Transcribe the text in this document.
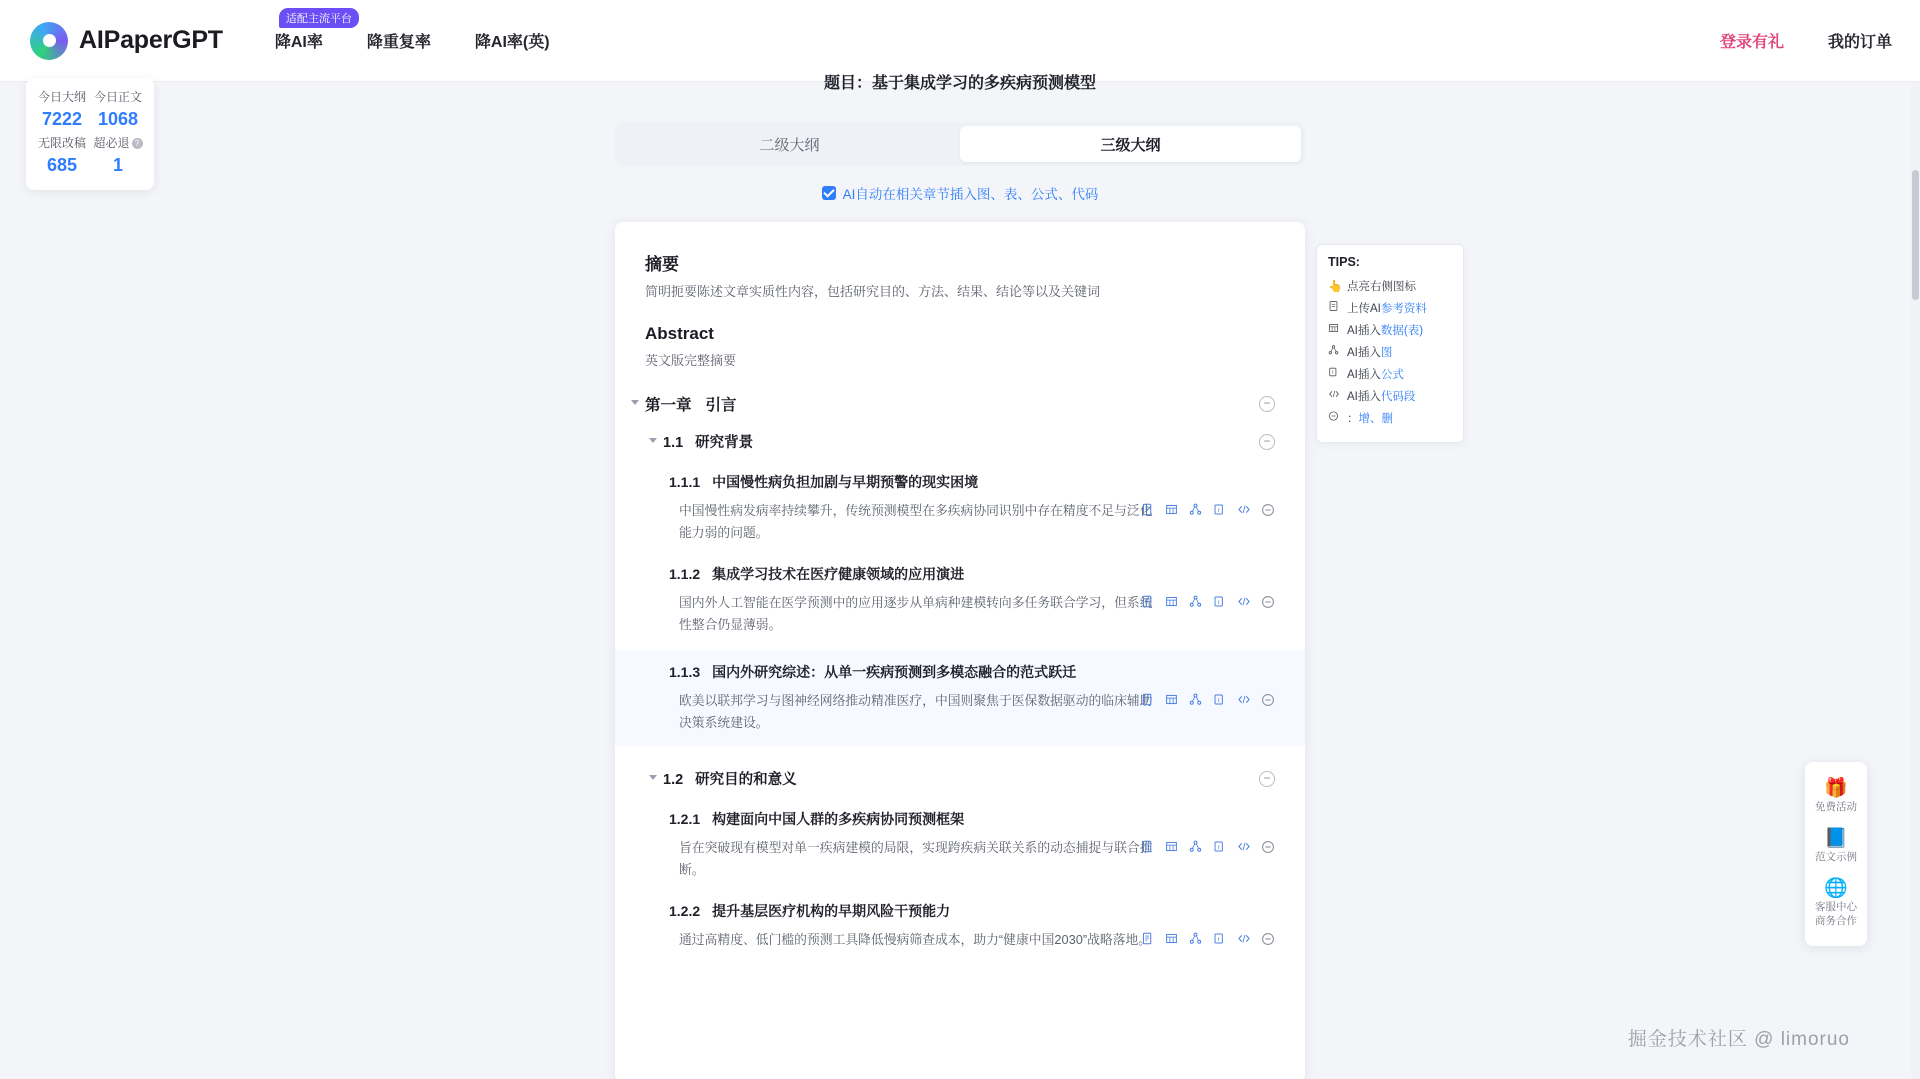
AIPaperGPT
适配主流平台
降AI率	降重复率	降AI率(英)	登录有礼	我的订单
今日大纲
7222
今日正文
1068
无限改稿
685
超必退 ?
1
题目：基于集成学习的多疾病预测模型
二级大纲	三级大纲
AI自动在相关章节插入图、表、公式、代码
摘要
简明扼要陈述文章实质性内容，包括研究目的、方法、结果、结论等以及关键词
Abstract
英文版完整摘要
第一章 引言	−
1.1 研究背景	−
1.1.1 中国慢性病负担加剧与早期预警的现实困境
中国慢性病发病率持续攀升，传统预测模型在多疾病协同识别中存在精度不足与泛化能力弱的问题。
f
1.1.2 集成学习技术在医疗健康领域的应用演进
国内外人工智能在医学预测中的应用逐步从单病种建模转向多任务联合学习，但系统性整合仍显薄弱。
f
1.1.3 国内外研究综述：从单一疾病预测到多模态融合的范式跃迁
欧美以联邦学习与图神经网络推动精准医疗，中国则聚焦于医保数据驱动的临床辅助决策系统建设。
f
1.2 研究目的和意义	−
1.2.1 构建面向中国人群的多疾病协同预测框架
旨在突破现有模型对单一疾病建模的局限，实现跨疾病关联关系的动态捕捉与联合推断。
f
1.2.2 提升基层医疗机构的早期风险干预能力
通过高精度、低门槛的预测工具降低慢病筛查成本，助力“健康中国2030”战略落地。	f
TIPS:
👆 点亮右侧图标
上传AI 参考资料
AI插入 数据(表)
AI插入 图
f AI插入 公式
AI插入 代码段
： 增、删
🎁
免费活动
📘
范文示例
🌐
客服中心
商务合作
掘金技术社区 @ limoruo
